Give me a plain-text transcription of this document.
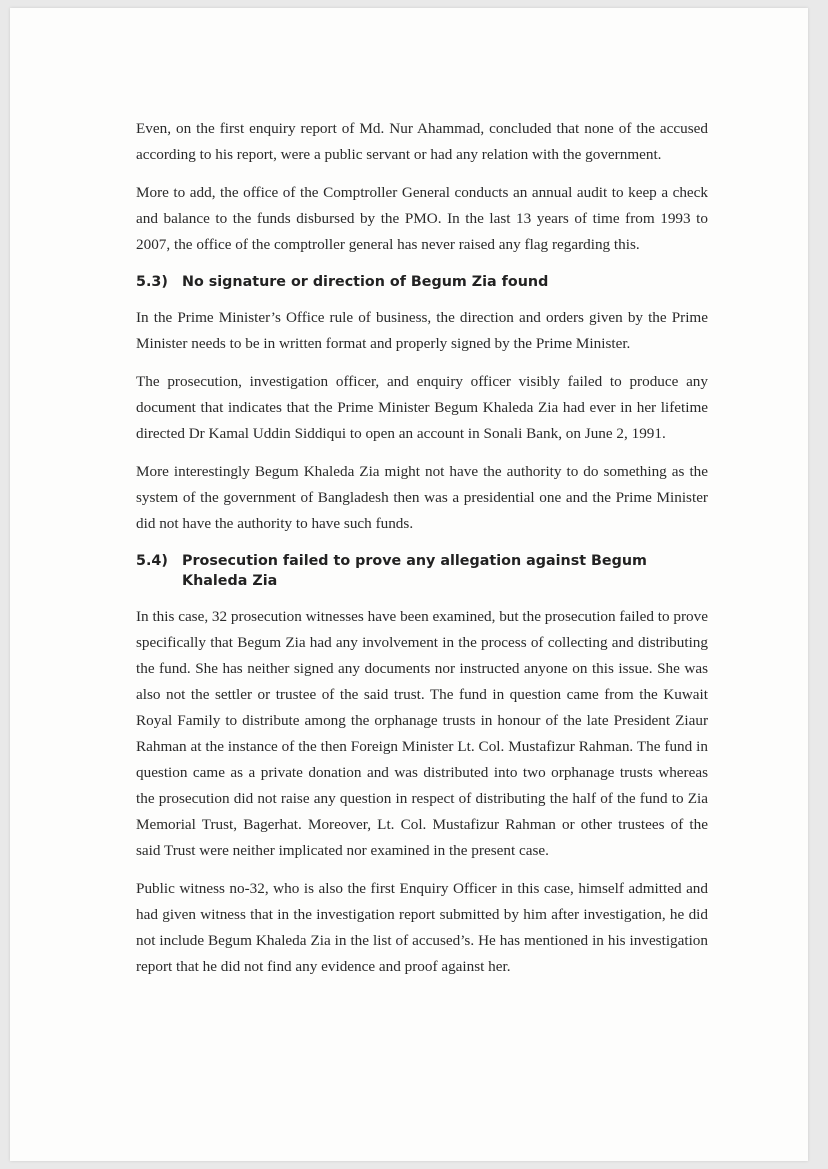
Even, on the first enquiry report of Md. Nur Ahammad, concluded that none of the accused according to his report, were a public servant or had any relation with the government.

More to add, the office of the Comptroller General conducts an annual audit to keep a check and balance to the funds disbursed by the PMO. In the last 13 years of time from 1993 to 2007, the office of the comptroller general has never raised any flag regarding this.

5.3) No signature or direction of Begum Zia found

In the Prime Minister’s Office rule of business, the direction and orders given by the Prime Minister needs to be in written format and properly signed by the Prime Minister.

The prosecution, investigation officer, and enquiry officer visibly failed to produce any document that indicates that the Prime Minister Begum Khaleda Zia had ever in her lifetime directed Dr Kamal Uddin Siddiqui to open an account in Sonali Bank, on June 2, 1991.

More interestingly Begum Khaleda Zia might not have the authority to do something as the system of the government of Bangladesh then was a presidential one and the Prime Minister did not have the authority to have such funds.

5.4) Prosecution failed to prove any allegation against Begum Khaleda Zia

In this case, 32 prosecution witnesses have been examined, but the prosecution failed to prove specifically that Begum Zia had any involvement in the process of collecting and distributing the fund. She has neither signed any documents nor instructed anyone on this issue. She was also not the settler or trustee of the said trust. The fund in question came from the Kuwait Royal Family to distribute among the orphanage trusts in honour of the late President Ziaur Rahman at the instance of the then Foreign Minister Lt. Col. Mustafizur Rahman. The fund in question came as a private donation and was distributed into two orphanage trusts whereas the prosecution did not raise any question in respect of distributing the half of the fund to Zia Memorial Trust, Bagerhat. Moreover, Lt. Col. Mustafizur Rahman or other trustees of the said Trust were neither implicated nor examined in the present case.

Public witness no-32, who is also the first Enquiry Officer in this case, himself admitted and had given witness that in the investigation report submitted by him after investigation, he did not include Begum Khaleda Zia in the list of accused’s. He has mentioned in his investigation report that he did not find any evidence and proof against her.
